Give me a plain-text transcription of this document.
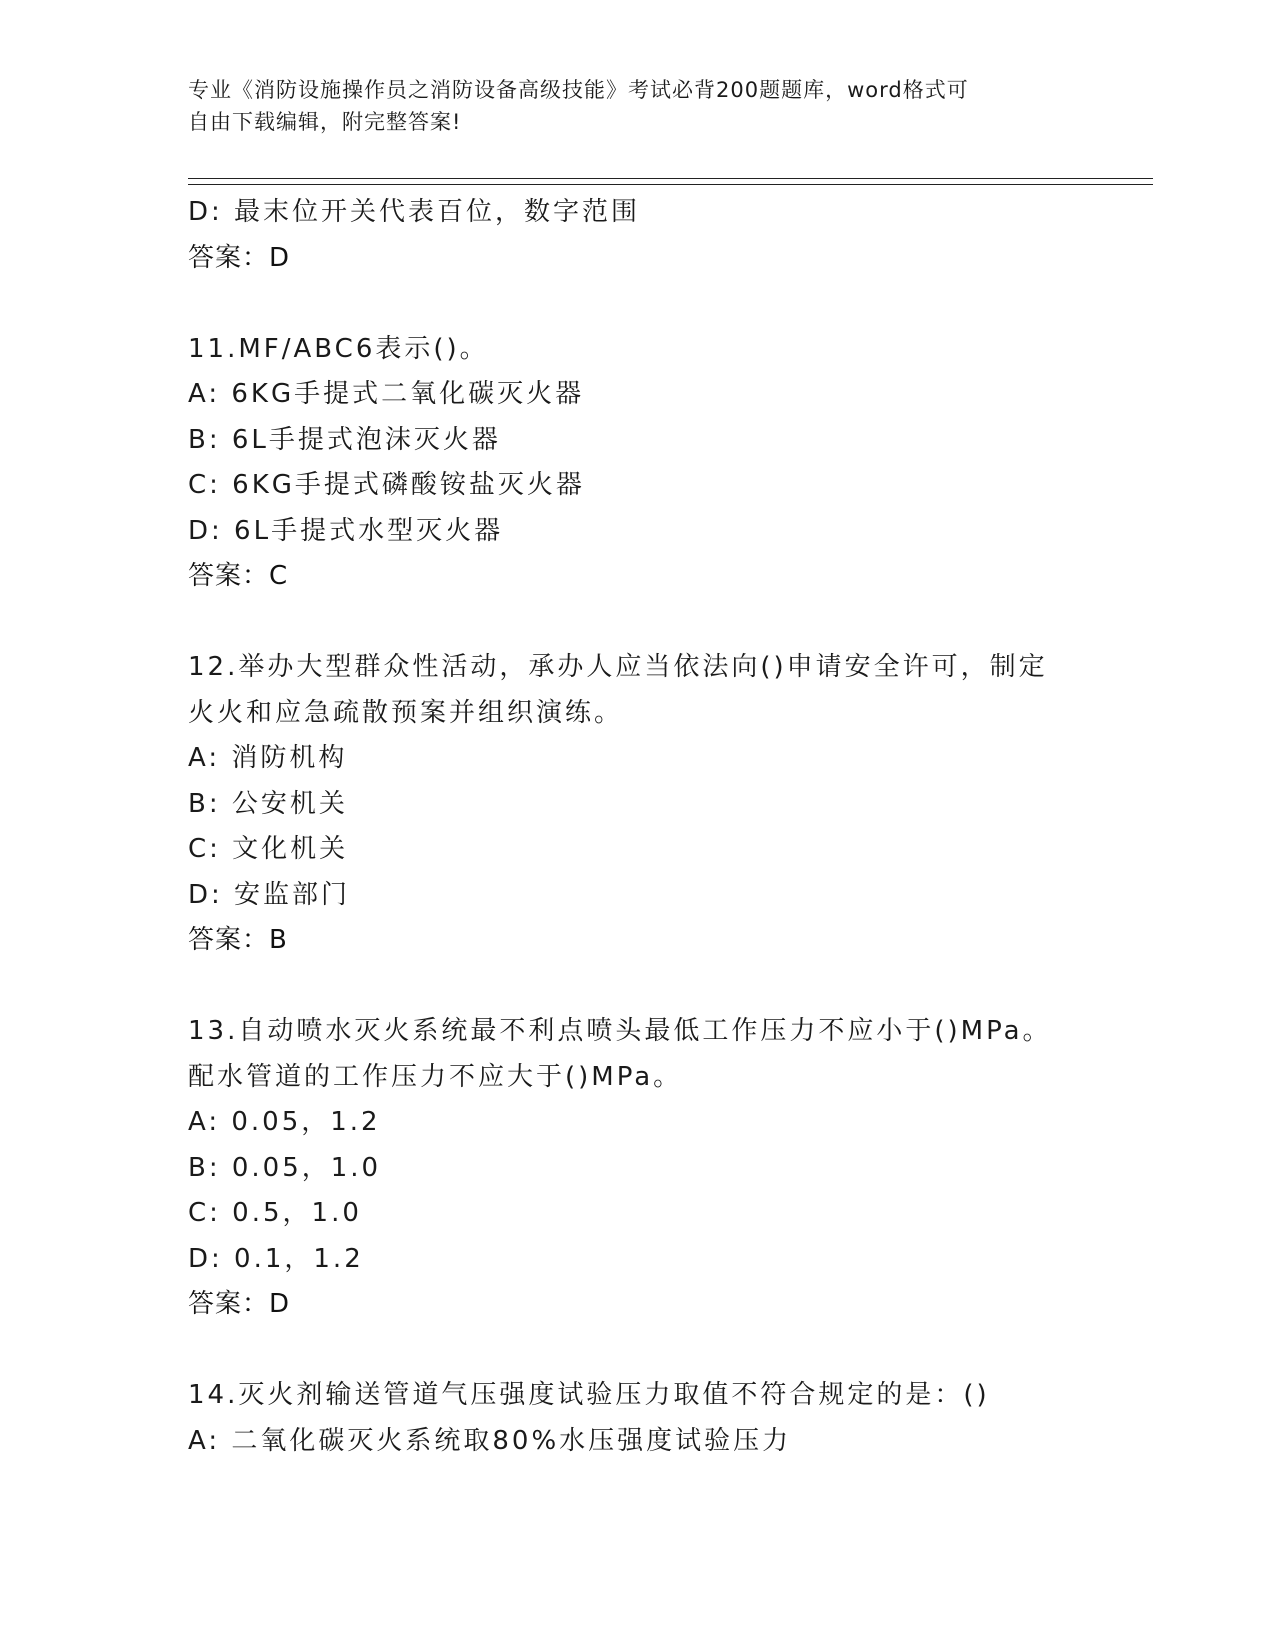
专业《消防设施操作员之消防设备高级技能》考试必背200题题库，word格式可
自由下载编辑，附完整答案!
D: 最末位开关代表百位，数字范围
答案：D
11.MF/ABC6表示()。
A: 6KG手提式二氧化碳灭火器
B: 6L手提式泡沫灭火器
C: 6KG手提式磷酸铵盐灭火器
D: 6L手提式水型灭火器
答案：C
12.举办大型群众性活动，承办人应当依法向()申请安全许可，制定
火火和应急疏散预案并组织演练。
A: 消防机构
B: 公安机关
C: 文化机关
D: 安监部门
答案：B
13.自动喷水灭火系统最不利点喷头最低工作压力不应小于()MPa。
配水管道的工作压力不应大于()MPa。
A: 0.05，1.2
B: 0.05，1.0
C: 0.5，1.0
D: 0.1，1.2
答案：D
14.灭火剂输送管道气压强度试验压力取值不符合规定的是：()
A: 二氧化碳灭火系统取80%水压强度试验压力
